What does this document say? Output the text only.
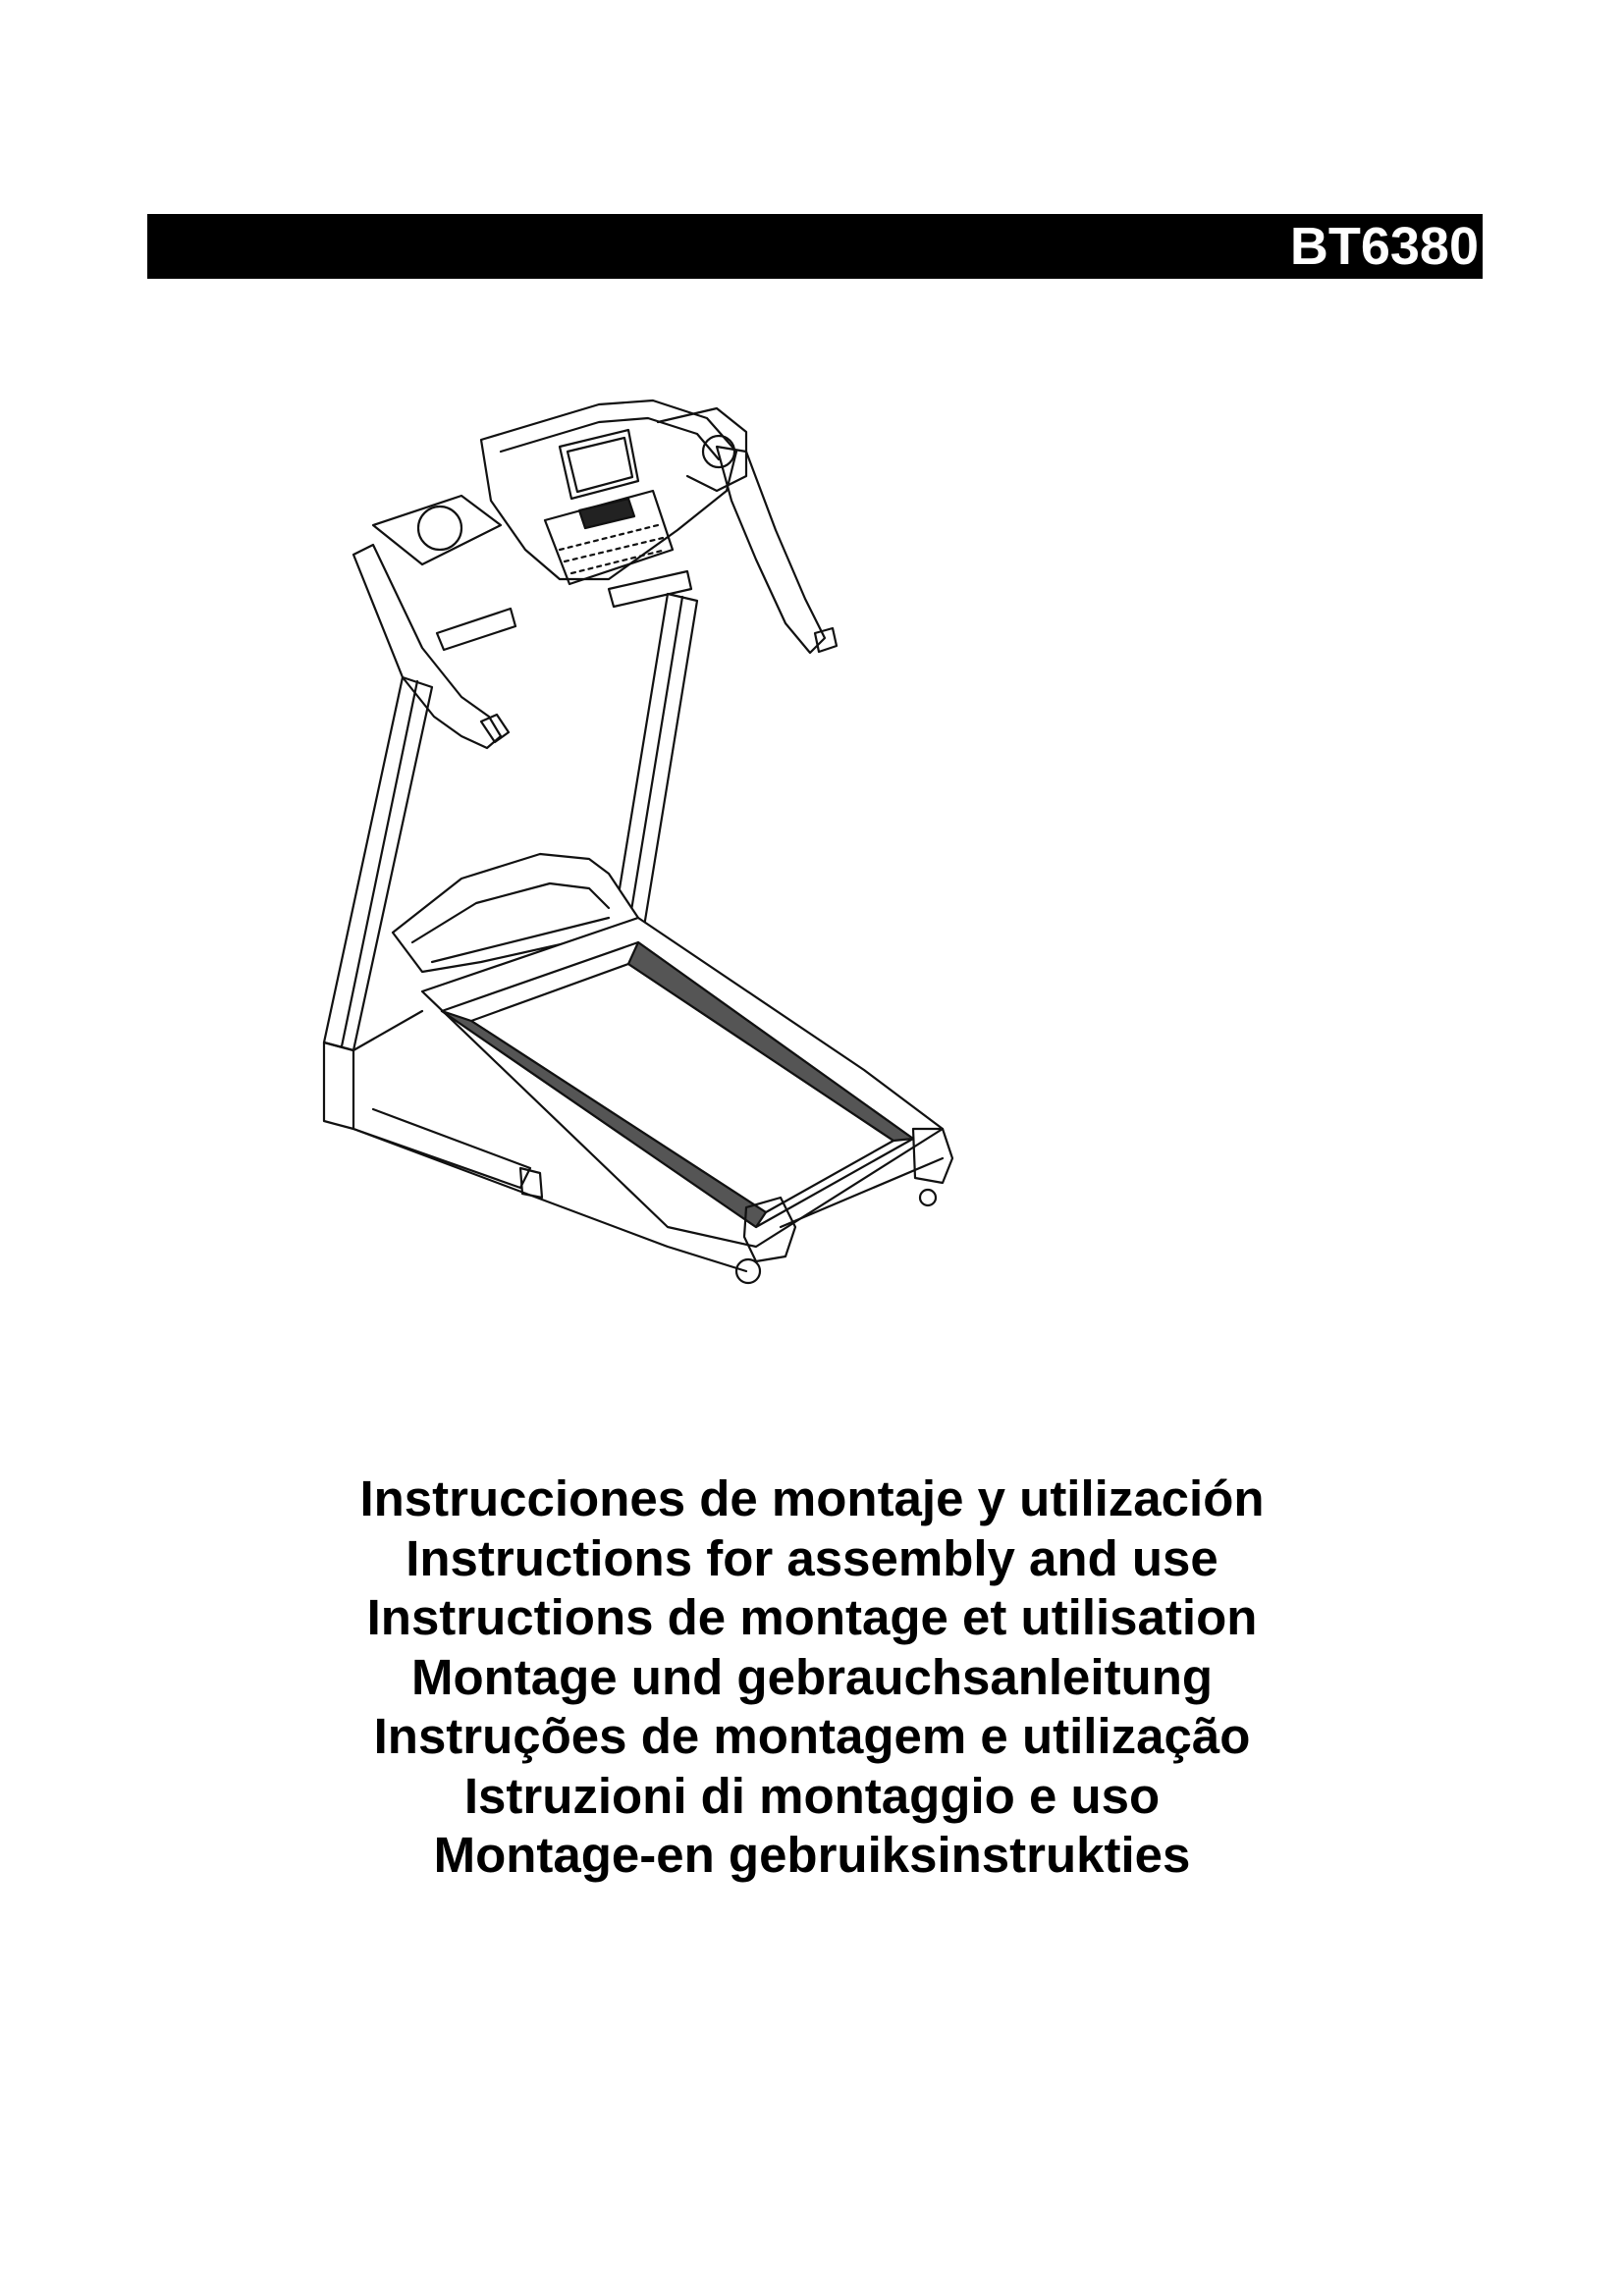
BT6380
Instrucciones de montaje y utilización
Instructions for assembly and use
Instructions de montage et utilisation
Montage und gebrauchsanleitung
Instruções de montagem e utilização
Istruzioni di montaggio e uso
Montage-en gebruiksinstrukties
